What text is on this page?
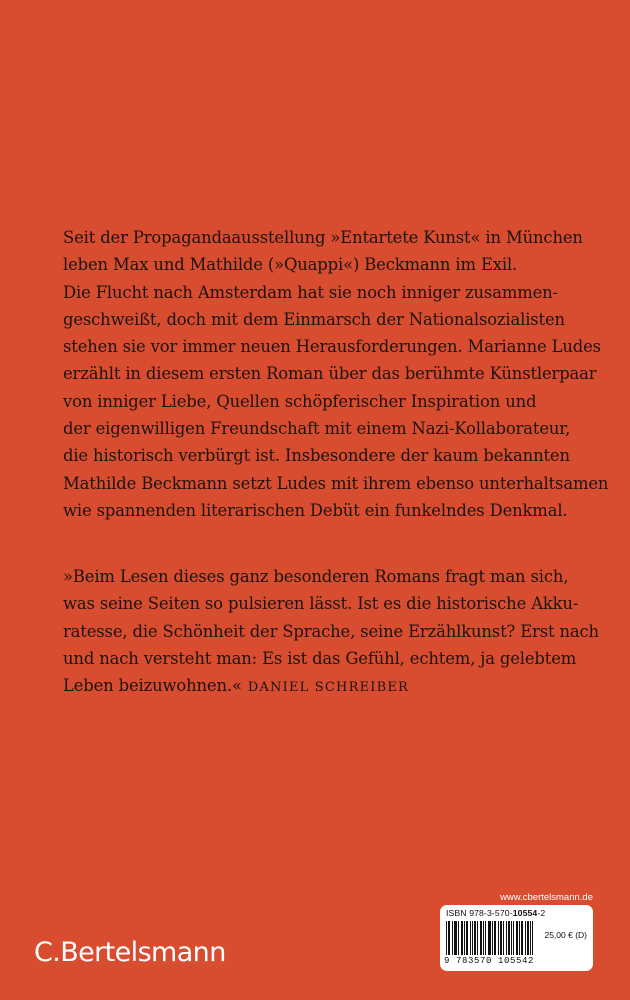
Seit der Propagandaausstellung »Entartete Kunst« in München
leben Max und Mathilde (»Quappi«) Beckmann im Exil.
Die Flucht nach Amsterdam hat sie noch inniger zusammen-
geschweißt, doch mit dem Einmarsch der Nationalsozialisten
stehen sie vor immer neuen Herausforderungen. Marianne Ludes
erzählt in diesem ersten Roman über das berühmte Künstlerpaar
von inniger Liebe, Quellen schöpferischer Inspiration und
der eigenwilligen Freundschaft mit einem Nazi-Kollaborateur,
die historisch verbürgt ist. Insbesondere der kaum bekannten
Mathilde Beckmann setzt Ludes mit ihrem ebenso unterhaltsamen
wie spannenden literarischen Debüt ein funkelndes Denkmal.
»Beim Lesen dieses ganz besonderen Romans fragt man sich,
was seine Seiten so pulsieren lässt. Ist es die historische Akku-
ratesse, die Schönheit der Sprache, seine Erzählkunst? Erst nach
und nach versteht man: Es ist das Gefühl, echtem, ja gelebtem
Leben beizuwohnen.« DANIEL SCHREIBER
C.Bertelsmann
www.cbertelsmann.de
ISBN 978-3-570-10554-2
25,00 € (D)
9 783570 105542
